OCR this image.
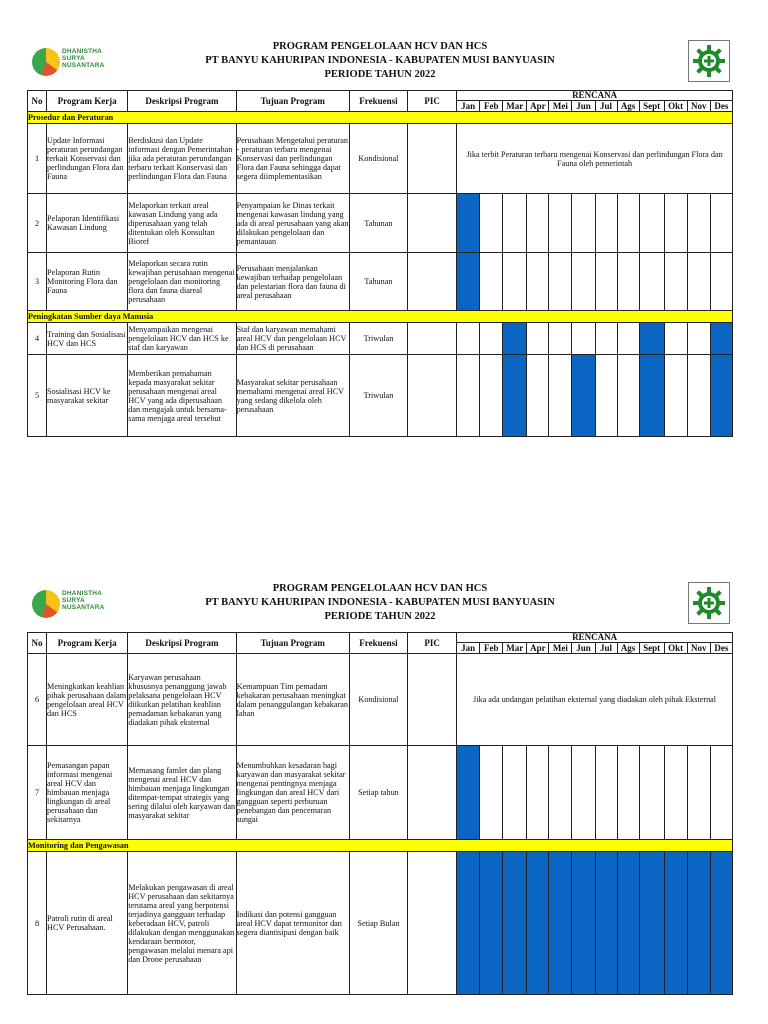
DHANISTHA
SURYA
NUSANTARA
PROGRAM PENGELOLAAN HCV DAN HCS
PT BANYU KAHURIPAN INDONESIA - KABUPATEN MUSI BANYUASIN
PERIODE TAHUN 2022
No	Program Kerja	Deskripsi Program	Tujuan Program	Frekuensi	PIC	RENCANA											
						Jan	Feb	Mar	Apr	Mei	Jun	Jul	Ags	Sept	Okt	Nov	Des
Prosedur dan Peraturan																	
1	Update Informasi peraturan perundangan terkait Konservasi dan perlindungan Flora dan Fauna	Berdiskusi dan Update informasi dengan Pemerintahan jika ada peraturan perundangan terbaru terkait Konservasi dan perlindungan Flora dan Fauna	Perusahaan Mengetahui peraturan - peraturan terbaru mengenai Konservasi dan perlindungan Flora dan Fauna sehingga dapat segera diimplementasikan	Kondisional		Jika terbit Peraturan terbaru mengenai Konservasi dan perlindungan Flora dan Fauna oleh pemerintah											
2	Pelaporan Identifikasi Kawasan Lindung	Melaporkan terkait areal kawasan Lindung yang ada diperusahaan yang telah ditentukan oleh Konsultan Bioref	Penyampaian ke Dinas terkait mengenai kawasan lindung yang ada di areal perusahaan yang akan dilakukan pengelolaan dan pemantauan	Tahunan													
3	Pelaporan Rutin Monitoring Flora dan Fauna	Melaporkan secara rutin kewajiban perusahaan mengenai pengelolaan dan monitoring flora dan fauna diareal perusahaan	Perusahaan menjalankan kewajiban terhadap pengelolaan dan pelestarian flora dan fauna di areal perusahaan	Tahunan													
Peningkatan Sumber daya Manusia																	
4	Training dan Sosialisasi HCV dan HCS	Menyampaikan mengenai pengelolaan HCV dan HCS ke staf dan karyawan	Staf dan karyawan memahami areal HCV dan pengelolaan HCV dan HCS di perusahaan	Triwulan													
5	Sosialisasi HCV ke masyarakat sekitar	Memberikan pemahaman kepada masyarakat sekitar perusahaan mengenai areal HCV yang ada diperusahaan dan mengajak untuk bersama-sama menjaga areal tersebut	Masyarakat sekitar perusahaan memahami mengenai areal HCV yang sedang dikelola oleh perusahaan	Triwulan													
DHANISTHA
SURYA
NUSANTARA
PROGRAM PENGELOLAAN HCV DAN HCS
PT BANYU KAHURIPAN INDONESIA - KABUPATEN MUSI BANYUASIN
PERIODE TAHUN 2022
No	Program Kerja	Deskripsi Program	Tujuan Program	Frekuensi	PIC	RENCANA											
						Jan	Feb	Mar	Apr	Mei	Jun	Jul	Ags	Sept	Okt	Nov	Des
6	Meningkatkan keahlian pihak perusahaan dalam pengelolaan areal HCV dan HCS	Karyawan perusahaan khususnya penanggung jawab pelaksana pengelolaan HCV diikutkan pelatihan keahlian pemadaman kebakaran yang diadakan pihak eksternal	Kemampuan Tim pemadam kebakaran perusahaan meningkat dalam penanggulangan kebakaran lahan	Kondisional		Jika ada undangan pelatihan eksternal yang diadakan oleh pihak Eksternal											
7	Pemasangan papan informasi mengenai areal HCV dan himbauan menjaga lingkungan di areal perusahaan dan sekitarnya	Memasang famlet dan plang mengenai areal HCV dan himbauan menjaga lingkungan ditempat-tempat strategis yang sering dilalui oleh karyawan dan masyarakat sekitar	Menumbuhkan kesadaran bagi karyawan dan masyarakat sekitar mengenai pentingnya menjaga lingkungan dan areal HCV dari gangguan seperti perburuan penebangan dan pencemaran sungai	Setiap tahun													
Monitoring dan Pengawasan																	
8	Patroli rutin di areal HCV Perusahaan.	Melakukan pengawasan di areal HCV perusahaan dan sekitarnya terutama areal yang berpotensi terjadinya gangguan terhadap keberadaan HCV, patroli dilakukan dengan menggunakan kendaraan bermotor, pengawasan melalui menara api dan Drone perusahaan	Indikasi dan potensi gangguan areal HCV dapat termonitor dan segera diantisipasi dengan baik	Setiap Bulan													
